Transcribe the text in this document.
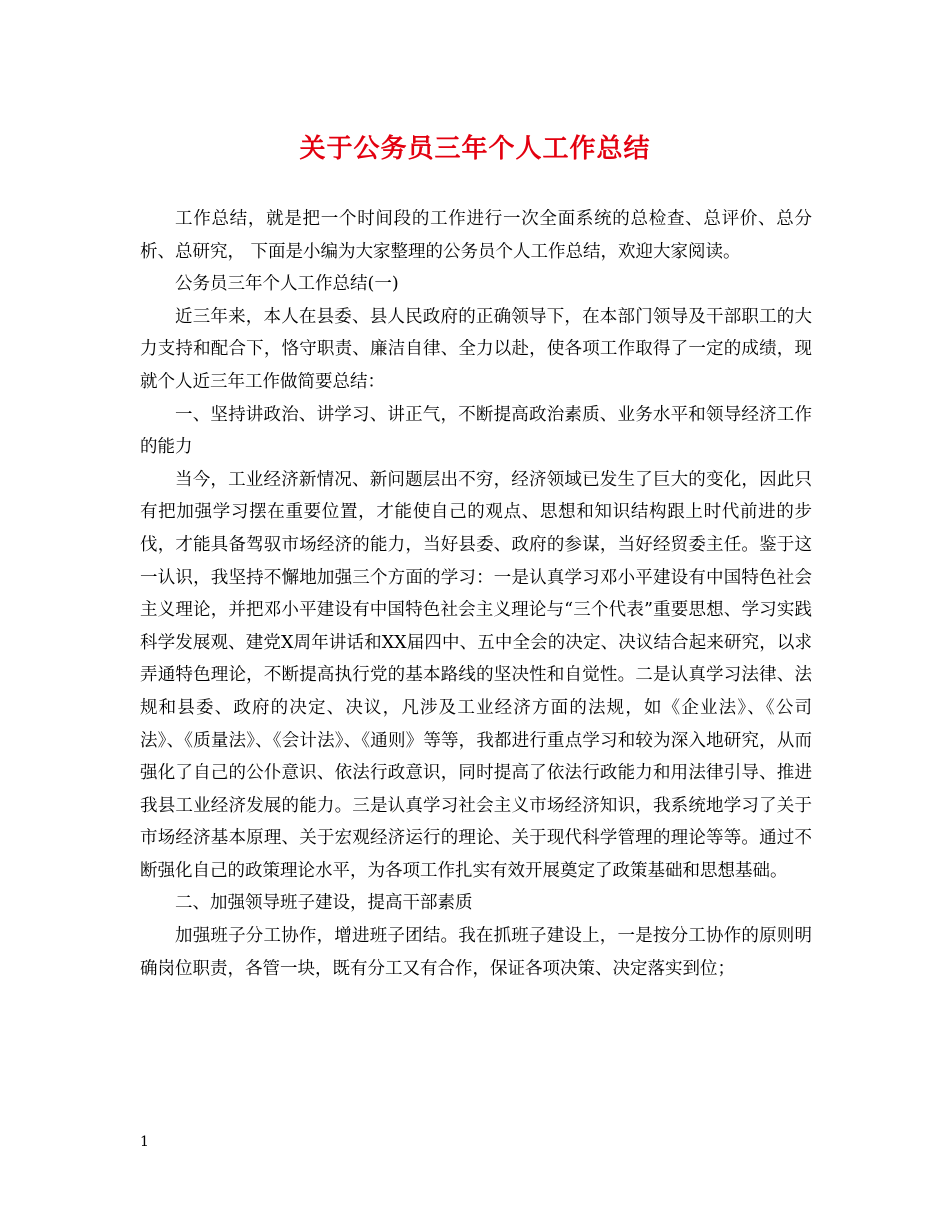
关于公务员三年个人工作总结

工作总结，就是把一个时间段的工作进行一次全面系统的总检查、总评价、总分析、总研究， 下面是小编为大家整理的公务员个人工作总结，欢迎大家阅读。

公务员三年个人工作总结(一)

近三年来，本人在县委、县人民政府的正确领导下，在本部门领导及干部职工的大力支持和配合下，恪守职责、廉洁自律、全力以赴，使各项工作取得了一定的成绩，现就个人近三年工作做简要总结：

一、坚持讲政治、讲学习、讲正气，不断提高政治素质、业务水平和领导经济工作的能力

当今，工业经济新情况、新问题层出不穷，经济领域已发生了巨大的变化，因此只有把加强学习摆在重要位置，才能使自己的观点、思想和知识结构跟上时代前进的步伐，才能具备驾驭市场经济的能力，当好县委、政府的参谋，当好经贸委主任。鉴于这一认识，我坚持不懈地加强三个方面的学习：一是认真学习邓小平建设有中国特色社会主义理论，并把邓小平建设有中国特色社会主义理论与“三个代表”重要思想、学习实践科学发展观、建党X周年讲话和XX届四中、五中全会的决定、决议结合起来研究，以求弄通特色理论，不断提高执行党的基本路线的坚决性和自觉性。二是认真学习法律、法规和县委、政府的决定、决议，凡涉及工业经济方面的法规，如《企业法》、《公司法》、《质量法》、《会计法》、《通则》等等，我都进行重点学习和较为深入地研究，从而强化了自己的公仆意识、依法行政意识，同时提高了依法行政能力和用法律引导、推进我县工业经济发展的能力。三是认真学习社会主义市场经济知识，我系统地学习了关于市场经济基本原理、关于宏观经济运行的理论、关于现代科学管理的理论等等。通过不断强化自己的政策理论水平，为各项工作扎实有效开展奠定了政策基础和思想基础。

二、加强领导班子建设，提高干部素质

加强班子分工协作，增进班子团结。我在抓班子建设上，一是按分工协作的原则明确岗位职责，各管一块，既有分工又有合作，保证各项决策、决定落实到位；

1
